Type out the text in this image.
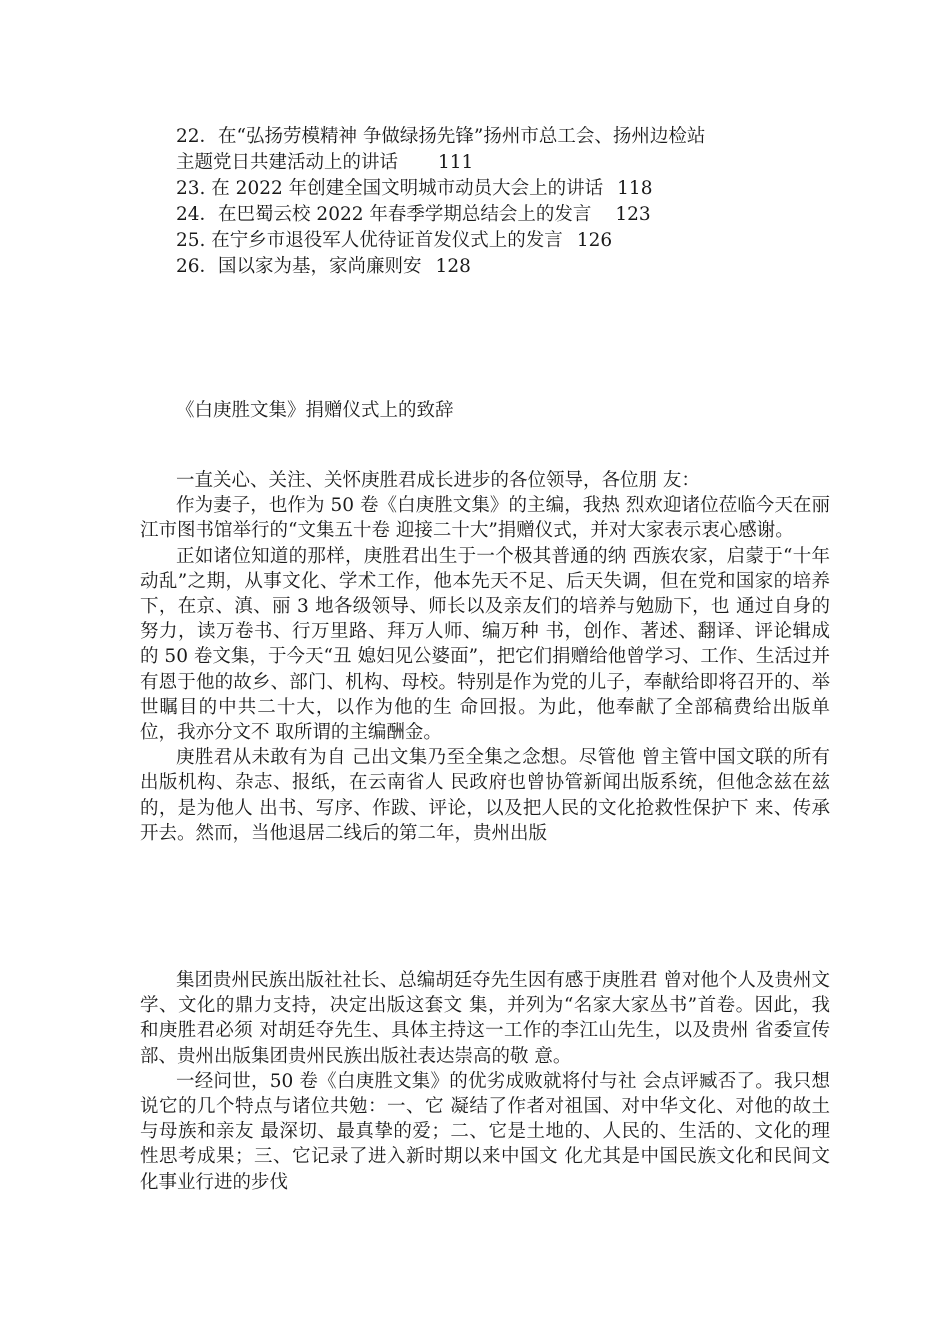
22．在“弘扬劳模精神 争做绿扬先锋”扬州市总工会、扬州边检站
主题党日共建活动上的讲话 111
23. 在 2022 年创建全国文明城市动员大会上的讲话 118
24．在巴蜀云校 2022 年春季学期总结会上的发言 123
25. 在宁乡市退役军人优待证首发仪式上的发言 126
26．国以家为基，家尚廉则安 128
《白庚胜文集》捐赠仪式上的致辞

一直关心、关注、关怀庚胜君成长进步的各位领导，各位朋 友：

作为妻子，也作为 50 卷《白庚胜文集》的主编，我热 烈欢迎诸位莅临今天在丽江市图书馆举行的“文集五十卷 迎接二十大”捐赠仪式，并对大家表示衷心感谢。

正如诸位知道的那样，庚胜君出生于一个极其普通的纳 西族农家，启蒙于“十年动乱”之期，从事文化、学术工作，他本先天不足、后天失调，但在党和国家的培养下，在京、滇、丽 3 地各级领导、师长以及亲友们的培养与勉励下，也 通过自身的努力，读万卷书、行万里路、拜万人师、编万种 书，创作、著述、翻译、评论辑成的 50 卷文集，于今天“丑 媳妇见公婆面”，把它们捐赠给他曾学习、工作、生活过并 有恩于他的故乡、部门、机构、母校。特别是作为党的儿子，奉献给即将召开的、举世瞩目的中共二十大，以作为他的生 命回报。为此，他奉献了全部稿费给出版单位，我亦分文不 取所谓的主编酬金。

庚胜君从未敢有为自 己出文集乃至全集之念想。尽管他 曾主管中国文联的所有出版机构、杂志、报纸，在云南省人 民政府也曾协管新闻出版系统，但他念兹在兹的，是为他人 出书、写序、作跋、评论，以及把人民的文化抢救性保护下 来、传承开去。然而，当他退居二线后的第二年，贵州出版

集团贵州民族出版社社长、总编胡廷夺先生因有感于庚胜君 曾对他个人及贵州文学、文化的鼎力支持，决定出版这套文 集，并列为“名家大家丛书”首卷。因此，我和庚胜君必须 对胡廷夺先生、具体主持这一工作的李江山先生，以及贵州 省委宣传部、贵州出版集团贵州民族出版社表达崇高的敬 意。

一经问世，50 卷《白庚胜文集》的优劣成败就将付与社 会点评臧否了。我只想说它的几个特点与诸位共勉：一、它 凝结了作者对祖国、对中华文化、对他的故土与母族和亲友 最深切、最真挚的爱；二、它是土地的、人民的、生活的、文化的理性思考成果；三、它记录了进入新时期以来中国文 化尤其是中国民族文化和民间文化事业行进的步伐
